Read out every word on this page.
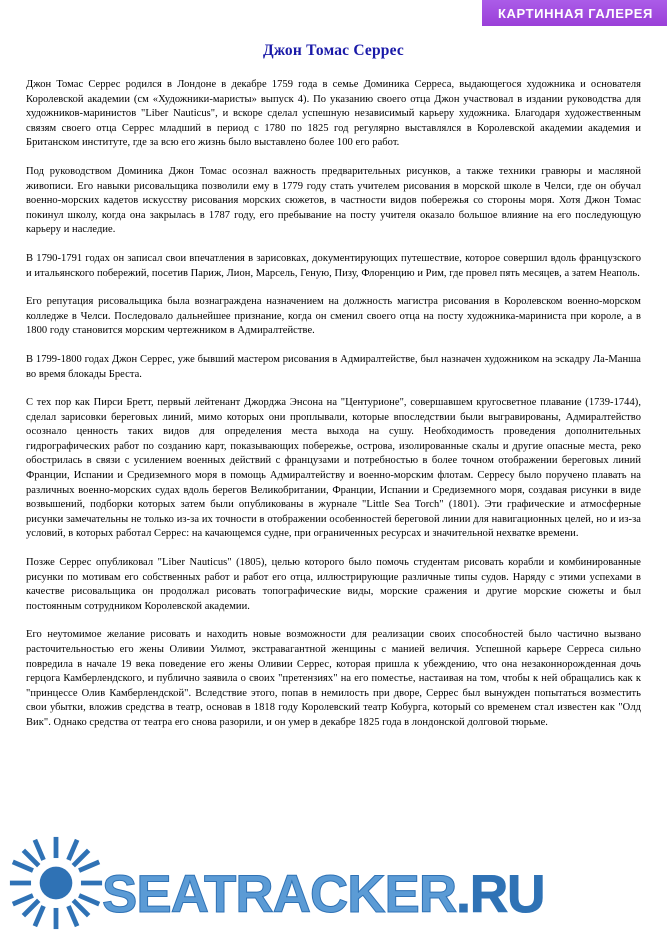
КАРТИННАЯ ГАЛЕРЕЯ
Джон Томас Серрес

Джон Томас Серрес родился в Лондоне в декабре 1759 года в семье Доминика Серреса, выдающегося художника и основателя Королевской академии (см «Художники-маристы» выпуск 4). По указанию своего отца Джон участвовал в издании руководства для художников-маринистов "Liber Nauticus", и вскоре сделал успешную независимый карьеру художника. Благодаря художественным связям своего отца Серрес младший в период с 1780 по 1825 год регулярно выставлялся в Королевской академии академия и Британском институте, где за всю его жизнь было выставлено более 100 его работ.

Под руководством Доминика Джон Томас осознал важность предварительных рисунков, а также техники гравюры и масляной живописи. Его навыки рисовальщика позволили ему в 1779 году стать учителем рисования в морской школе в Челси, где он обучал военно-морских кадетов искусству рисования морских сюжетов, в частности видов побережья со стороны моря. Хотя Джон Томас покинул школу, когда она закрылась в 1787 году, его пребывание на посту учителя оказало большое влияние на его последующую карьеру и наследие.

В 1790-1791 годах он записал свои впечатления в зарисовках, документирующих путешествие, которое совершил вдоль французского и итальянского побережий, посетив Париж, Лион, Марсель, Геную, Пизу, Флоренцию и Рим, где провел пять месяцев, а затем Неаполь.

Его репутация рисовальщика была вознаграждена назначением на должность магистра рисования в Королевском военно-морском колледже в Челси. Последовало дальнейшее признание, когда он сменил своего отца на посту художника-мариниста при короле, а в 1800 году становится морским чертежником в Адмиралтействе.

В 1799-1800 годах Джон Серрес, уже бывший мастером рисования в Адмиралтействе, был назначен художником на эскадру Ла-Манша во время блокады Бреста.

С тех пор как Пирси Бретт, первый лейтенант Джорджа Энсона на "Центурионе", совершавшем кругосветное плавание (1739-1744), сделал зарисовки береговых линий, мимо которых они проплывали, которые впоследствии были выгравированы, Адмиралтейство осознало ценность таких видов для определения места выхода на сушу. Необходимость проведения дополнительных гидрографических работ по созданию карт, показывающих побережье, острова, изолированные скалы и другие опасные места, реко обострилась в связи с усилением военных действий с французами и потребностью в более точном отображении береговых линий Франции, Испании и Средиземного моря в помощь Адмиралтейству и военно-морским флотам. Серресу было поручено плавать на различных военно-морских судах вдоль берегов Великобритании, Франции, Испании и Средиземного моря, создавая рисунки в виде возвышений, подборки которых затем были опубликованы в журнале "Little Sea Torch" (1801). Эти графические и атмосферные рисунки замечательны не только из-за их точности в отображении особенностей береговой линии для навигационных целей, но и из-за условий, в которых работал Серрес: на качающемся судне, при ограниченных ресурсах и значительной нехватке времени.

Позже Серрес опубликовал "Liber Nauticus" (1805), целью которого было помочь студентам рисовать корабли и комбинированные рисунки по мотивам его собственных работ и работ его отца, иллюстрирующие различные типы судов. Наряду с этими успехами в качестве рисовальщика он продолжал рисовать топографические виды, морские сражения и другие морские сюжеты и был постоянным сотрудником Королевской академии.

Его неутомимое желание рисовать и находить новые возможности для реализации своих способностей было частично вызвано расточительностью его жены Оливии Уилмот, экстравагантной женщины с манией величия. Успешной карьере Серреса сильно повредила в начале 19 века поведение его жены Оливии Серрес, которая пришла к убеждению, что она незаконнорожденная дочь герцога Камберлендского, и публично заявила о своих "претензиях" на его поместье, настаивая на том, чтобы к ней обращались как к "принцессе Олив Камберлендской". Вследствие этого, попав в немилость при дворе, Серрес был вынужден попытаться возместить свои убытки, вложив средства в театр, основав в 1818 году Королевский театр Кобурга, который со временем стал известен как "Олд Вик". Однако средства от театра его снова разорили, и он умер в декабре 1825 года в лондонской долговой тюрьме.

SEATRACKER.RU
